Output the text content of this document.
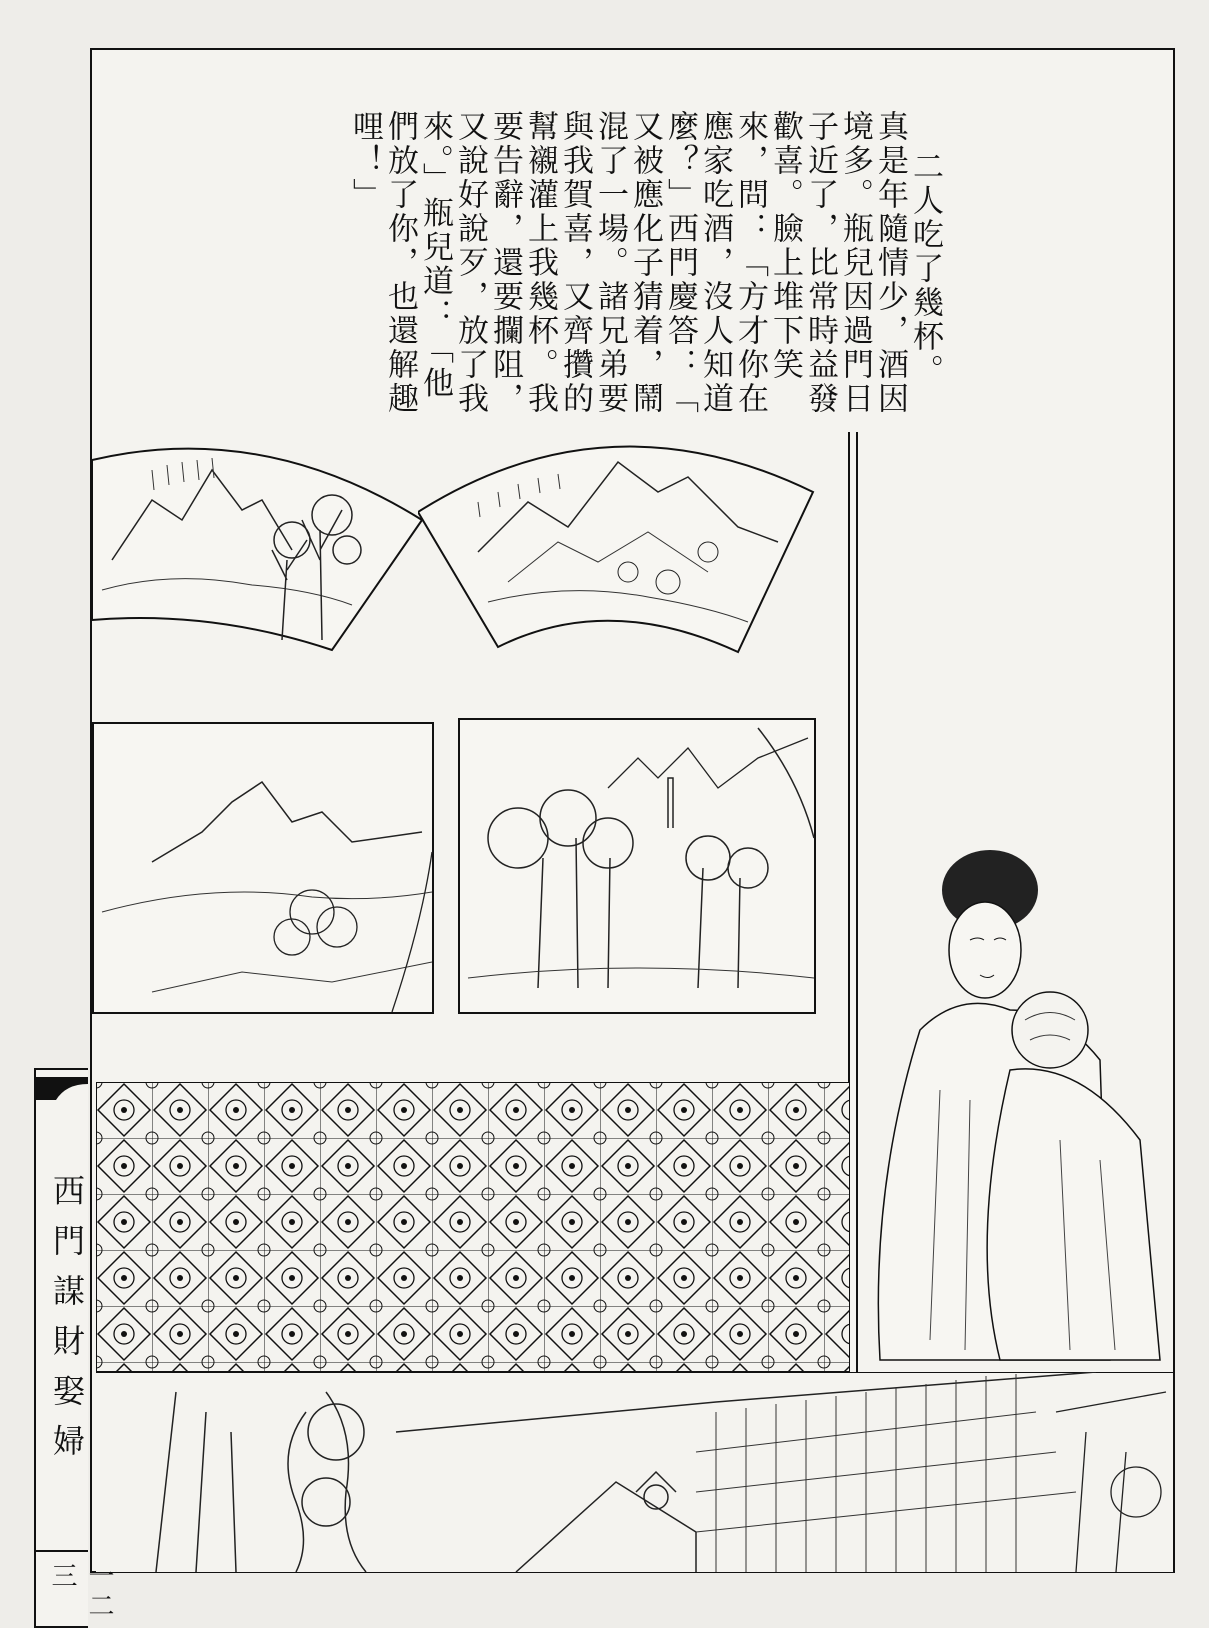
二人吃了幾杯。
真是年隨情少，酒因
境多。瓶兒因過門日
子近了，比常時益發
歡喜。臉上堆下笑
來，問：「方才你在
應家吃酒，沒人知道
麼？」西門慶答：「
又被應化子猜着，鬧
混了一場。諸兄弟要
與我賀喜，又齊攢的
幫襯灌上我幾杯。我
要告辭，還要攔阻，
又說好說歹，放了我
來。」瓶兒道：「他
們放了你，也還解趣
哩！」
西門謀財娶婦
一二三
